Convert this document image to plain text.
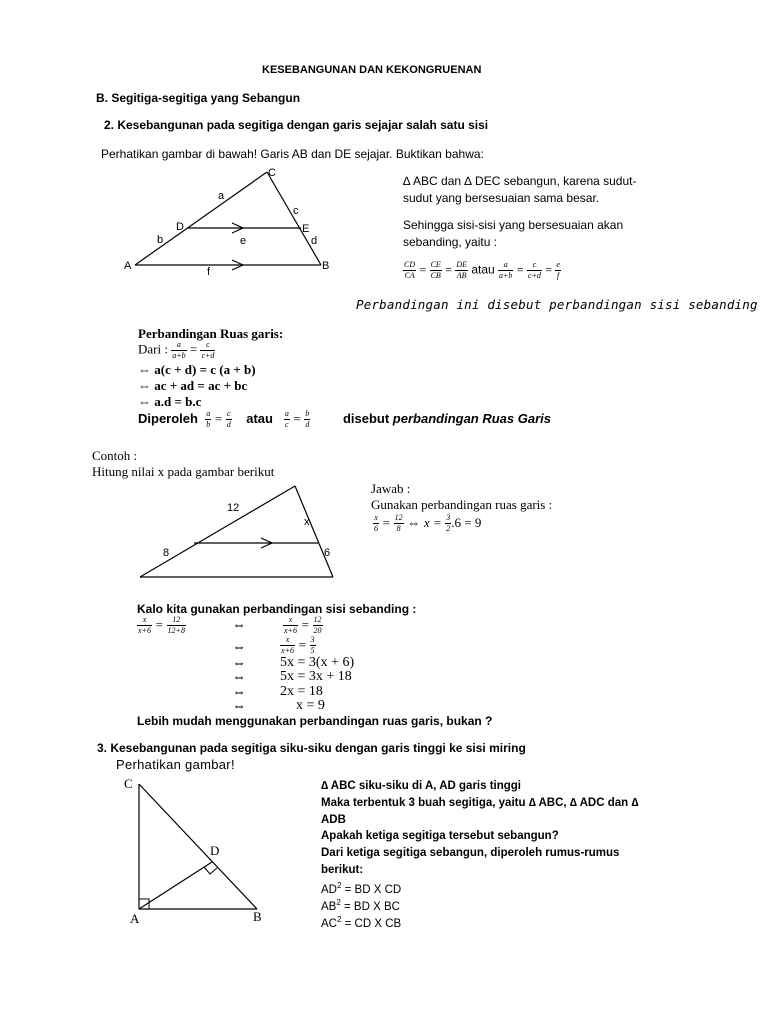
KESEBANGUNAN DAN KEKONGRUENAN
B. Segitiga-segitiga yang Sebangun
2. Kesebangunan pada segitiga dengan garis sejajar salah satu sisi
Perhatikan gambar di bawah! Garis AB dan DE sejajar. Buktikan bahwa:
C
a
c
D	E
b	e	d
A	f	B
∆ ABC dan ∆ DEC sebangun, karena sudut-
sudut yang bersesuaian sama besar.
Sehingga sisi-sisi yang bersesuaian akan
sebanding, yaitu :
$\frac{CD}{CA} = \frac{CE}{CB} = \frac{DE}{AB}$ atau $\frac{a}{a+b} = \frac{c}{c+d} = \frac{e}{f}$
Perbandingan ini disebut perbandingan sisi sebanding
Perbandingan Ruas garis:
Dari : $\frac{a}{a+b} = \frac{c}{c+d}$
⇔ a(c + d) = c (a + b)
⇔ ac + ad = ac + bc
⇔ a.d = b.c
Diperoleh $\frac{a}{b} = \frac{c}{d}$ atau $\frac{a}{c} = \frac{b}{d}$	disebut perbandingan Ruas Garis
Contoh :
Hitung nilai x pada gambar berikut
12
x
8	6
Jawab :
Gunakan perbandingan ruas garis :
$\frac{x}{6} = \frac{12}{8}$ ⇔ $x = \frac{3}{2} .6 = 9$
Kalo kita gunakan perbandingan sisi sebanding :
$\frac{x}{x+6} = \frac{12}{12+8}$	⇔	$\frac{x}{x+6} = \frac{12}{20}$
⇔	$\frac{x}{x+6} = \frac{3}{5}$
⇔ 5x = 3(x + 6)
⇔ 5x = 3x + 18
⇔ 2x = 18
⇔	x = 9
Lebih mudah menggunakan perbandingan ruas garis, bukan ?
3. Kesebangunan pada segitiga siku-siku dengan garis tinggi ke sisi miring
Perhatikan gambar!
C
D
A	B
∆ ABC siku-siku di A, AD garis tinggi
Maka terbentuk 3 buah segitiga, yaitu ∆ ABC, ∆ ADC dan ∆
ADB
Apakah ketiga segitiga tersebut sebangun?
Dari ketiga segitiga sebangun, diperoleh rumus-rumus
berikut:
$AD^2$ = BD X CD
$AB^2$ = BD X BC
$AC^2$ = CD X CB
